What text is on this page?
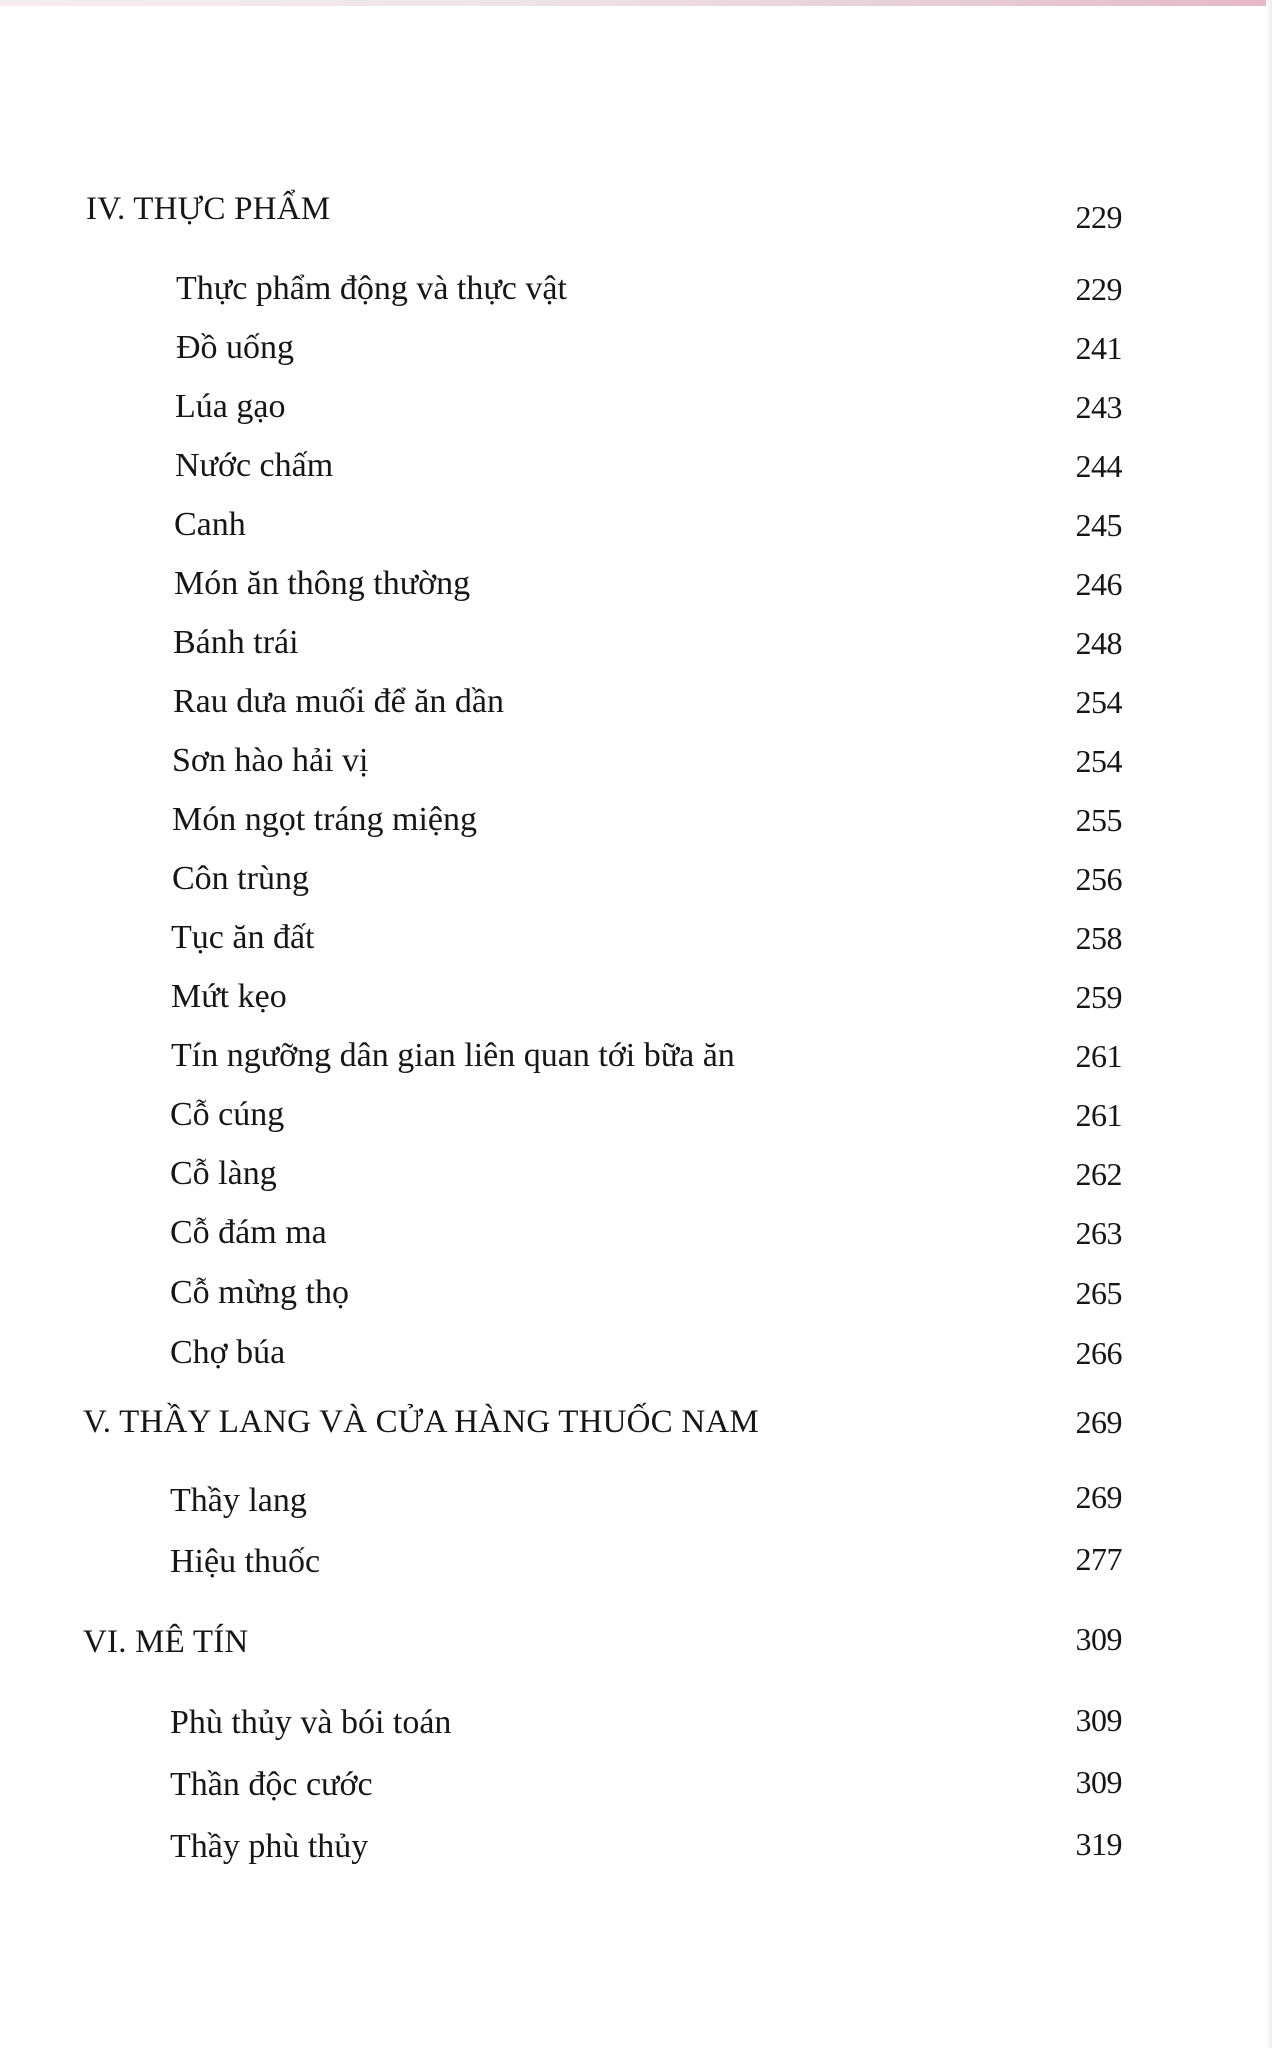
IV. THỰC PHẨM	229
Thực phẩm động và thực vật	229
Đồ uống	241
Lúa gạo	243
Nước chấm	244
Canh	245
Món ăn thông thường	246
Bánh trái	248
Rau dưa muối để ăn dần	254
Sơn hào hải vị	254
Món ngọt tráng miệng	255
Côn trùng	256
Tục ăn đất	258
Mứt kẹo	259
Tín ngưỡng dân gian liên quan tới bữa ăn	261
Cỗ cúng	261
Cỗ làng	262
Cỗ đám ma	263
Cỗ mừng thọ	265
Chợ búa	266
V. THẦY LANG VÀ CỬA HÀNG THUỐC NAM	269
Thầy lang	269
Hiệu thuốc	277
VI. MÊ TÍN	309
Phù thủy và bói toán	309
Thần độc cước	309
Thầy phù thủy	319
